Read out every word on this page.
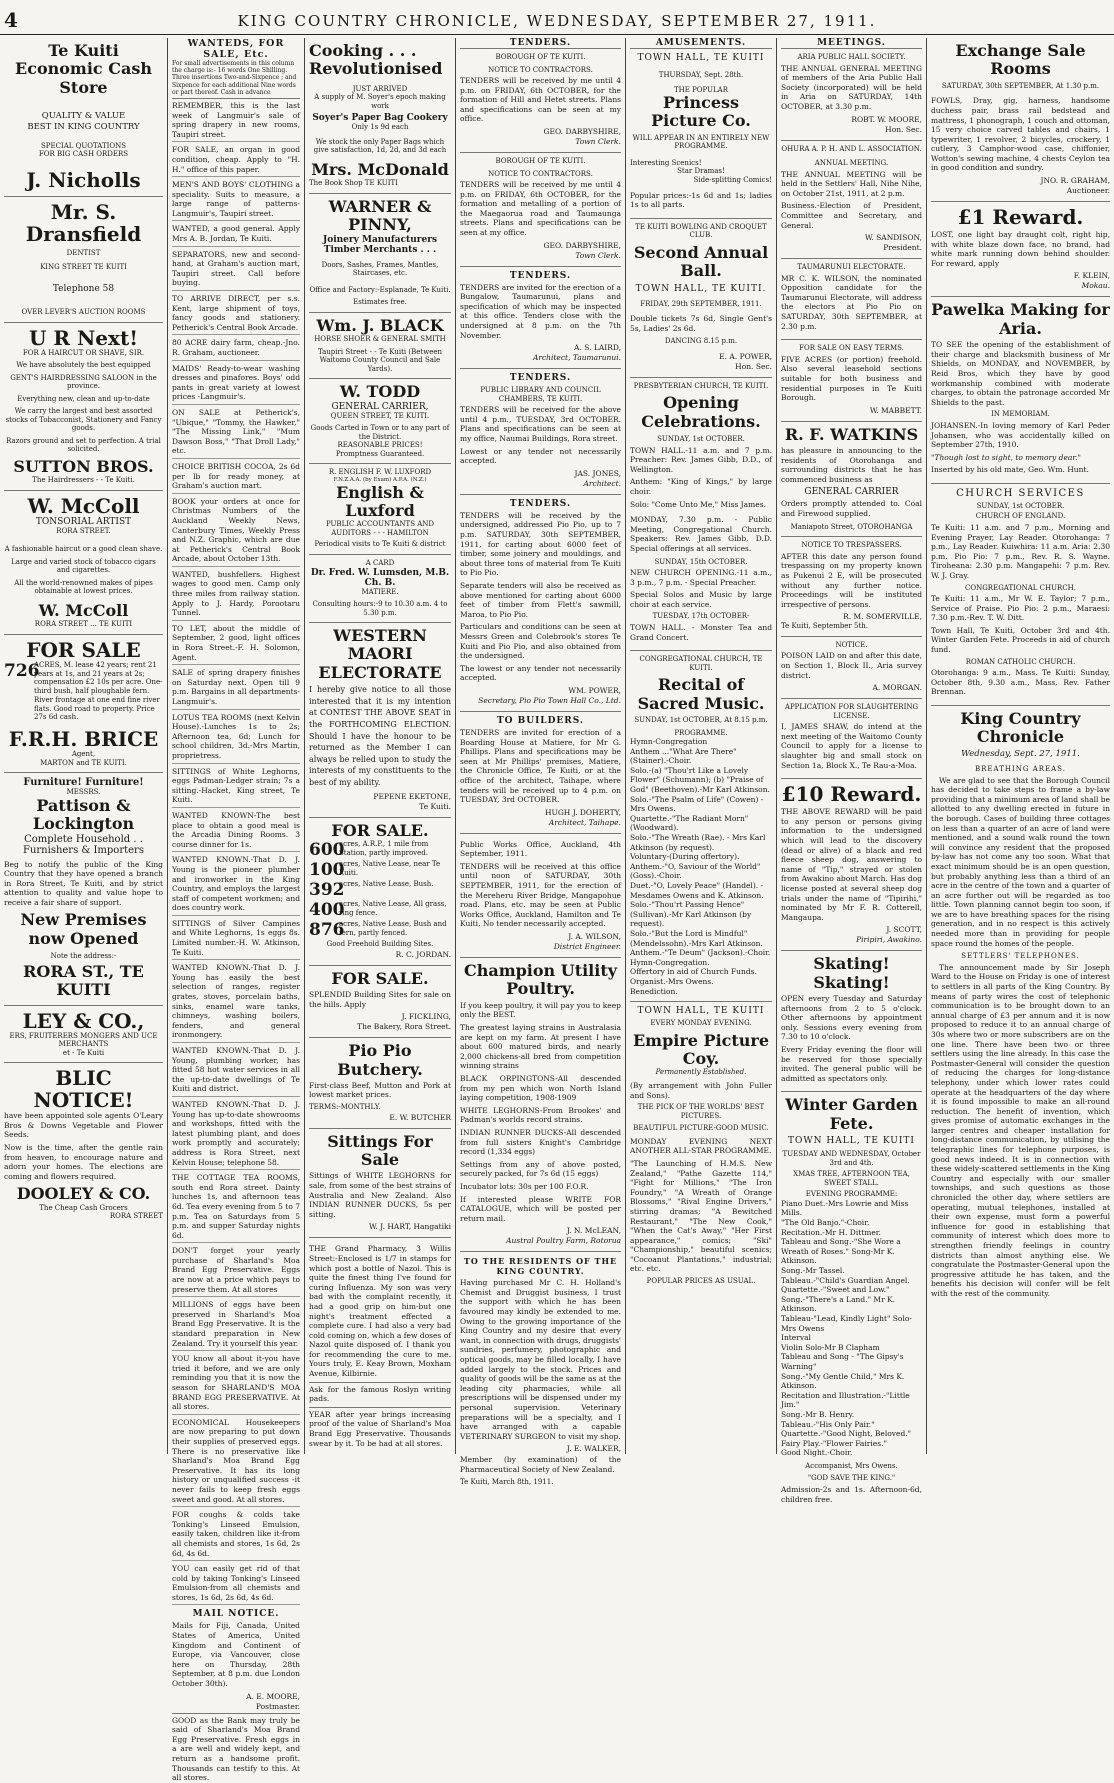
4	KING COUNTRY CHRONICLE, WEDNESDAY, SEPTEMBER 27, 1911.
Te Kuiti
Economic Cash Store
QUALITY & VALUE
BEST IN KING COUNTRY
SPECIAL QUOTATIONS
FOR BIG CASH ORDERS
J. Nicholls
Mr. S. Dransfield
DENTIST
KING STREET TE KUITI
Telephone 58
OVER LEVER'S AUCTION ROOMS
U R Next!
FOR A HAIRCUT OR SHAVE, SIR.
We have absolutely the best equipped
GENT'S HAIRDRESSING SALOON in the province.
Everything new, clean and up-to-date
We carry the largest and best assorted stocks of Tobacconist, Stationery and Fancy goods.
Razors ground and set to perfection. A trial solicited.
SUTTON BROS.
The Hairdressers - - Te Kuiti.
W. McColl
TONSORIAL ARTIST
RORA STREET.
A fashionable haircut or a good clean shave.
Large and varied stock of tobacco cigars and cigarettes.
All the world-renowned makes of pipes obtainable at lowest prices.
W. McColl
RORA STREET ... TE KUITI
FOR SALE
726
ACRES, M. lease 42 years; rent 21 years at 1s, and 21 years at 2s; compensation £2 10s per acre. One-third bush, half ploughable fern. River frontage at one end fine river flats. Good road to property. Price 27s 6d cash.
F.R.H. BRICE
Agent,
MARTON and TE KUITI.
Furniture! Furniture!
MESSRS.
Pattison & Lockington
Complete Household . .
Furnishers & Importers
Beg to notify the public of the King Country that they have opened a branch in Rora Street, Te Kuiti, and by strict attention to quality and value hope to receive a fair share of support.
New Premises now Opened
Note the address:-
RORA ST., TE KUITI
LEY & CO.,
ERS, FRUITERERS MONGERS AND UCE MERCHANTS
et - Te Kuiti
BLIC NOTICE!
have been appointed sole agents O'Leary Bros & Downs Vegetable and Flower Seeds.
Now is the time, after the gentle rain from heaven, to encourage nature and adorn your homes. The elections are coming and flowers required.
DOOLEY & CO.
The Cheap Cash Grocers
RORA STREET
WANTEDS, FOR SALE, Etc.
For small advertisements in this column the charge is:- 16 words One Shilling. Three insertions Two-and-Sixpence ; and Sixpence for each additional Nine words or part thereof. Cash in advance
REMEMBER, this is the last week of Langmuir's sale of spring drapery in new rooms, Taupiri street.
FOR SALE, an organ in good condition, cheap. Apply to "H. H." office of this paper.
MEN'S AND BOYS' CLOTHING a speciality. Suits to measure, a large range of patterns-Langmuir's, Taupiri street.
WANTED, a good general. Apply Mrs A. B. Jordan, Te Kuiti.
SEPARATORS, new and second-hand, at Graham's auction mart, Taupiri street. Call before buying.
TO ARRIVE DIRECT, per s.s. Kent, large shipment of toys, fancy goods and stationery. Petherick's Central Book Arcade.
80 ACRE dairy farm, cheap.-Jno. R. Graham, auctioneer.
MAIDS' Ready-to-wear washing dresses and pinafores. Boys' odd pants in great variety at lowest prices -Langmuir's.
ON SALE at Petherick's, "Ubique," "Tommy, the Hawker," "The Missing Link," "Mum Dawson Boss," "That Droll Lady," etc.
CHOICE BRITISH COCOA, 2s 6d per lb for ready money, at Graham's auction mart.
BOOK your orders at once for Christmas Numbers of the Auckland Weekly News, Canterbury Times, Weekly Press and N.Z. Graphic, which are due at Petherick's Central Book Arcade, about October 13th.
WANTED, bushfellers. Highest wages to good men. Camp only three miles from railway station. Apply to J. Hardy, Porootaru Tunnel.
TO LET, about the middle of September, 2 good, light offices in Rora Street.-F. H. Solomon, Agent.
SALE of spring drapery finishes on Saturday next. Open till 9 p.m. Bargains in all departments-Langmuir's.
LOTUS TEA ROOMS (next Kelvin House).-Lunches 1s to 2s; Afternoon tea, 6d; Lunch for school children, 3d.-Mrs Martin, proprietress.
SITTINGS of White Leghorns, eggs Padman-Ledger strain; 7s a sitting.-Hacket, King street, Te Kuiti.
WANTED KNOWN-The best place to obtain a good meal is the Arcadia Dining Rooms. 3 course dinner for 1s.
WANTED KNOWN.-That D. J. Young is the pioneer plumber and ironworker in the King Country, and employs the largest staff of competent workmen; and does country work.
SITTINGS of Silver Campines and White Leghorns, 1s eggs 8s. Limited number.-H. W. Atkinson, Te Kuiti.
WANTED KNOWN.-That D. J. Young has easily the best selection of ranges, register grates, stoves, porcelain baths, sinks, enamel ware tanks, chimneys, washing boilers, fenders, and general ironmongery.
WANTED KNOWN.-That D. J. Young, plumbing worker, has fitted 58 hot water services in all the up-to-date dwellings of Te Kuiti and district.
WANTED KNOWN.-That D. J. Young has up-to-date showrooms and workshops, fitted with the latest plumbing plant, and does work promptly and accurately; address is Rora Street, next Kelvin House; telephone 58.
THE COTTAGE TEA ROOMS, south end Rora street. Dainty lunches 1s, and afternoon teas 6d. Tea every evening from 5 to 7 p.m. Tea on Saturdays from 5 p.m. and supper Saturday nights 6d.
DON'T forget your yearly purchase of Sharland's Moa Brand Egg Preservative. Eggs are now at a price which pays to preserve them. At all stores
MILLIONS of eggs have been preserved in Sharland's Moa Brand Egg Preservative. It is the standard preparation in New Zealand. Try it yourself this year.
YOU know all about it-you have tried it before, and we are only reminding you that it is now the season for SHARLAND'S MOA BRAND EGG PRESERVATIVE. At all stores.
ECONOMICAL Housekeepers are now preparing to put down their supplies of preserved eggs. There is no preservative like Sharland's Moa Brand Egg Preservative. It has its long history or unqualified success -it never fails to keep fresh eggs sweet and good. At all stores.
FOR coughs & colds take Tonking's Linseed Emulsion, easily taken, children like it-from all chemists and stores, 1s 6d, 2s 6d, 4s 6d.
YOU can easily get rid of that cold by taking Tonking's Linseed Emulsion-from all chemists and stores, 1s 6d, 2s 6d, 4s 6d.
MAIL NOTICE.
Mails for Fiji, Canada, United States of America, United Kingdom and Continent of Europe, via Vancouver, close here on Thursday, 28th September, at 8 p.m. due London October 30th).
A. E. MOORE,
Postmaster.
GOOD as the Bank may truly be said of Sharland's Moa Brand Egg Preservative. Fresh eggs in a are well and widely kept, and return as a handsome profit. Thousands can testify to this. At all stores.
Cooking . . .
Revolutionised
JUST ARRIVED
A supply of M. Soyer's epoch making work
Soyer's Paper Bag Cookery
Only 1s 9d each
We stock the only Paper Bags which give satisfaction, 1d, 2d, and 3d each
Mrs. McDonald
The Book Shop TE KUITI
WARNER & PINNY,
Joinery Manufacturers
Timber Merchants . . .
Doors, Sashes, Frames, Mantles, Staircases, etc.
Office and Factory:-Esplanade, Te Kuiti.
Estimates free.
Wm. J. BLACK
HORSE SHOER & GENERAL SMITH
Taupiri Street - - Te Kuiti (Between Waitomo County Council and Sale Yards).
W. TODD
GENERAL CARRIER,
QUEEN STREET, TE KUITI.
Goods Carted in Town or to any part of the District.
REASONABLE PRICES!
Promptness Guaranteed.
R. ENGLISH F. W. LUXFORD
F.N.Z.A.A. (by Exam) A.P.A. (N.Z.)
English & Luxford
PUBLIC ACCOUNTANTS AND AUDITORS - - - HAMILTON
Periodical visits to Te Kuiti & district
A CARD
Dr. Fred. W. Lumsden, M.B. Ch. B.
MATIERE.
Consulting hours:-9 to 10.30 a.m. 4 to 5.30 p.m.
WESTERN MAORI ELECTORATE
I hereby give notice to all those interested that it is my intention at CONTEST THE ABOVE SEAT in the FORTHCOMING ELECTION. Should I have the honour to be returned as the Member I can always be relied upon to study the interests of my constituents to the best of my ability.
PEPENE EKETONE,
Te Kuiti.
FOR SALE.
600
acres, A.R.P., 1 mile from Station, partly improved.
100
acres, Native Lease, near Te Kuiti.
392
acres, Native Lease, Bush.
400
acres, Native Lease, All grass, ring fence.
876
acres, Native Lease, Bush and fern, partly fenced.
Good Freehold Building Sites.
R. C. JORDAN.
FOR SALE.
SPLENDID Building Sites for sale on the hills. Apply
J. FICKLING,
The Bakery, Rora Street.
Pio Pio Butchery.
First-class Beef, Mutton and Pork at lowest market prices.
TERMS:-MONTHLY.
E. W. BUTCHER
Sittings For Sale
Sittings of WHITE LEGHORNS for sale, from some of the best strains of Australia and New Zealand. Also INDIAN RUNNER DUCKS, 5s per sitting.
W. J. HART, Hangatiki
THE Grand Pharmacy, 3 Willis Street:-Enclosed is 1/7 in stamps for which post a bottle of Nazol. This is quite the finest thing I've found for curing Influenza. My son was very bad with the complaint recently, it had a good grip on him-but one night's treatment effected a complete cure. I had also a very bad cold coming on, which a few doses of Nazol quite disposed of. I thank you for recommending the cure to me. Yours truly, E. Keay Brown, Moxham Avenue, Kilbirnie.
Ask for the famous Roslyn writing pads.
YEAR after year brings increasing proof of the value of Sharland's Moa Brand Egg Preservative. Thousands swear by it. To be had at all stores.
TENDERS.
BOROUGH OF TE KUITI.
NOTICE TO CONTRACTORS.
TENDERS will be received by me until 4 p.m. on FRIDAY, 6th OCTOBER, for the formation of Hill and Hetet streets. Plans and specifications can be seen at my office.
GEO. DARBYSHIRE,
Town Clerk.
BOROUGH OF TE KUITI.
NOTICE TO CONTRACTORS.
TENDERS will be received by me until 4 p.m. on FRIDAY, 6th OCTOBER, for the formation and metalling of a portion of the Maegaorua road and Taumaunga streets. Plans and specifications can be seen at my office.
GEO. DARBYSHIRE,
Town Clerk.
TENDERS.
TENDERS are invited for the erection of a Bungalow, Taumarunui, plans and specification of which may be inspected at this office. Tenders close with the undersigned at 8 p.m. on the 7th November.
A. S. LAIRD,
Architect, Taumarunui.
TENDERS.
PUBLIC LIBRARY AND COUNCIL CHAMBERS, TE KUITI.
TENDERS will be received for the above until 4 p.m., TUESDAY, 3rd OCTOBER. Plans and specifications can be seen at my office, Naumai Buildings, Rora street.
Lowest or any tender not necessarily accepted.
JAS. JONES,
Architect.
TENDERS.
TENDERS will be received by the undersigned, addressed Pio Pio, up to 7 p.m. SATURDAY, 30th SEPTEMBER, 1911, for carting about 6000 feet of timber, some joinery and mouldings, and about three tons of material from Te Kuiti to Pio Pio.
Separate tenders will also be received as above mentioned for carting about 6000 feet of timber from Flett's sawmill, Maroa, to Pio Pio.
Particulars and conditions can be seen at Messrs Green and Colebrook's stores Te Kuiti and Pio Pio, and also obtained from the undersigned.
The lowest or any tender not necessarily accepted.
WM. POWER,
Secretary, Pio Pio Town Hall Co., Ltd.
TO BUILDERS.
TENDERS are invited for erection of a Boarding House at Matiere, for Mr G. Phillips. Plans and specifications may be seen at Mr Phillips' premises, Matiere, the Chronicle Office, Te Kuiti, or at the office of the architect, Taihape, where tenders will be received up to 4 p.m. on TUESDAY, 3rd OCTOBER.
HUGH J. DOHERTY,
Architect, Taihape.
Public Works Office, Auckland, 4th September, 1911.
TENDERS will be received at this office until noon of SATURDAY, 30th SEPTEMBER, 1911, for the erection of the Mereheru River Bridge, Mangapohue road. Plans, etc. may be seen at Public Works Office, Auckland, Hamilton and Te Kuiti. No tender necessarily accepted.
J. A. WILSON,
District Engineer.
Champion Utility Poultry.
If you keep poultry, it will pay you to keep only the BEST.
The greatest laying strains in Australasia are kept on my farm. At present I have about 600 matured birds, and nearly 2,000 chickens-all bred from competition winning strains
BLACK ORPINGTONS-All descended from my pen which won North Island laying competition, 1908-1909
WHITE LEGHORNS-From Brookes' and Padman's worlds record strains.
INDIAN RUNNER DUCKS-All descended from full sisters Knight's Cambridge record (1,334 eggs)
Settings from any of above posted, securely packed, for 7s 6d (15 eggs)
Incubator lots: 30s per 100 F.O.R.
If interested please WRITE FOR CATALOGUE, which will be posted per return mail.
J. N. McLEAN,
Austral Poultry Farm, Rotorua
TO THE RESIDENTS OF THE KING COUNTRY.
Having purchased Mr C. H. Holland's Chemist and Druggist business, I trust the support with which he has been favoured may kindly be extended to me. Owing to the growing importance of the King Country and my desire that every want, in connection with drugs, druggists' sundries, perfumery, photographic and optical goods, may be filled locally, I have added largely to the stock. Prices and quality of goods will be the same as at the leading city pharmacies, while all prescriptions will be dispensed under my personal supervision. Veterinary preparations will be a specialty, and I have arranged with a capable VETERINARY SURGEON to visit my shop.
J. E. WALKER,
Member (by examination) of the Pharmaceutical Society of New Zealand.
Te Kuiti, March 8th, 1911.
AMUSEMENTS.
TOWN HALL, TE KUITI
THURSDAY, Sept. 28th.
THE POPULAR
Princess Picture Co.
WILL APPEAR IN AN ENTIRELY NEW PROGRAMME.
Interesting Scenics!
Star Dramas!
Side-splitting Comics!
Popular prices:-1s 6d and 1s; ladies 1s to all parts.
TE KUITI BOWLING AND CROQUET CLUB.
Second Annual Ball.
TOWN HALL, TE KUITI.
FRIDAY, 29th SEPTEMBER, 1911.
Double tickets 7s 6d, Single Gent's 5s, Ladies' 2s 6d.
DANCING 8.15 p.m.
E. A. POWER,
Hon. Sec.
PRESBYTERIAN CHURCH, TE KUITI.
Opening Celebrations.
SUNDAY, 1st OCTOBER.
TOWN HALL.-11 a.m. and 7 p.m. Preacher: Rev. James Gibb, D.D., of Wellington.
Anthem: "King of Kings," by large choir.
Solo: "Come Unto Me," Miss James.
MONDAY, 7.30 p.m. - Public Meeting, Congregational Church. Speakers: Rev. James Gibb, D.D. Special offerings at all services.
SUNDAY, 15th OCTOBER.
NEW CHURCH OPENING.-11 a.m., 3 p.m., 7 p.m. - Special Preacher.
Special Solos and Music by large choir at each service.
TUESDAY, 17th OCTOBER-
TOWN HALL. - Monster Tea and Grand Concert.
CONGREGATIONAL CHURCH, TE KUITI.
Recital of Sacred Music.
SUNDAY, 1st OCTOBER, At 8.15 p.m.
PROGRAMME.
Hymn-Congregation
Anthem ..."What Are There" (Stainer).-Choir.
Solo.-(a) "Thou'rt Like a Lovely Flower" (Schumann); (b) "Praise of God" (Beethoven).-Mr Karl Atkinson.
Solo.-"The Psalm of Life" (Cowen) -Mrs Owens.
Quartette.-"The Radiant Morn" (Woodward).
Solo.-"The Wreath (Rae). - Mrs Karl Atkinson (by request).
Voluntary-(During offertory).
Anthem.-"O, Saviour of the World" (Goss).-Choir.
Duet.-"O, Lovely Peace" (Handel). -Mesdames Owens and K. Atkinson.
Solo.-"Thou'rt Passing Hence" (Sullivan).-Mr Karl Atkinson (by request).
Solo.-"But the Lord is Mindful" (Mendelssohn).-Mrs Karl Atkinson.
Anthem.-"Te Deum" (Jackson).-Choir.
Hymn-Congregation.
Offertory in aid of Church Funds.
Organist.-Mrs Owens.
Benediction.
TOWN HALL, TE KUITI
EVERY MONDAY EVENING.
Empire Picture Coy.
Permanently Established.
(By arrangement with John Fuller and Sons).
THE PICK OF THE WORLDS' BEST PICTURES.
BEAUTIFUL PICTURE-GOOD MUSIC.
MONDAY EVENING NEXT ANOTHER ALL-STAR PROGRAMME.
"The Launching of H.M.S. New Zealand," "Pathe Gazette 114," "Fight for Millions," "The Iron Foundry," "A Wreath of Orange Blossoms," "Rival Engine Drivers," stirring dramas; "A Bewitched Restaurant," "The New Cook," "When the Cat's Away," "Her First appearance," comics; "Ski" "Championship," beautiful scenics; "Cocoanut Plantations," industrial; etc. etc.
POPULAR PRICES AS USUAL.
MEETINGS.
ARIA PUBLIC HALL SOCIETY.
THE ANNUAL GENERAL MEETING of members of the Aria Public Hall Society (incorporated) will be held in Aria on SATURDAY, 14th OCTOBER, at 3.30 p.m.
ROBT. W. MOORE,
Hon. Sec.
OHURA A. P. H. AND L. ASSOCIATION.
ANNUAL MEETING.
THE ANNUAL MEETING will be held in the Settlers' Hall, Nihe Nihe, on October 21st, 1911, at 2 p.m.
Business.-Election of President, Committee and Secretary, and General.
W. SANDISON,
President.
TAUMARUNUI ELECTORATE.
MR C. K. WILSON, the nominated Opposition candidate for the Taumarunui Electorate, will address the electors at Pio Pio on SATURDAY, 30th SEPTEMBER, at 2.30 p.m.
FOR SALE ON EASY TERMS.
FIVE ACRES (or portion) freehold. Also several leasehold sections suitable for both business and residential purposes in Te Kuiti Borough.
W. MABBETT.
R. F. WATKINS
has pleasure in announcing to the residents of Otorohanga and surrounding districts that he has commenced business as
GENERAL CARRIER
Orders promptly attended to. Coal and Firewood supplied.
Maniapoto Street, OTOROHANGA
NOTICE TO TRESPASSERS.
AFTER this date any person found trespassing on my property known as Pukenui 2 E, will be prosecuted without any further notice. Proceedings will be instituted irrespective of persons.
R. M. SOMERVILLE,
Te Kuiti, September 5th.
NOTICE.
POISON LAID on and after this date, on Section 1, Block II., Aria survey district.
A. MORGAN.
APPLICATION FOR SLAUGHTERING LICENSE.
I, JAMES SHAW, do intend at the next meeting of the Waitomo County Council to apply for a license to slaughter big and small stock on Section 1a, Block X., Te Rau-a-Moa.
£10 Reward.
THE ABOVE REWARD will be paid to any person or persons giving information to the undersigned which will lead to the discovery (dead or alive) of a black and red fleece sheep dog, answering to name of "Tip," strayed or stolen from Awakino about March. Has dog license posted at several sheep dog trials under the name of "Tipirihi," nominated by Mr F. R. Cotterell, Mangaupa.
J. SCOTT,
Piripiri, Awakino.
Skating! Skating!
OPEN every Tuesday and Saturday afternoons from 2 to 5 o'clock. Other afternoons by appointment only. Sessions every evening from 7.30 to 10 o'clock.
Every Friday evening the floor will be reserved for those specially invited. The general public will be admitted as spectators only.
Winter Garden Fete.
TOWN HALL, TE KUITI
TUESDAY AND WEDNESDAY, October 3rd and 4th.
XMAS TREE, AFTERNOON TEA, SWEET STALL.
EVENING PROGRAMME:
Piano Duet.-Mrs Lowrie and Miss Mills.
"The Old Banjo."-Choir.
Recitation.-Mr H. Dittmer.
Tableau and Song.-"She Wore a Wreath of Roses." Song-Mr K. Atkinson.
Song.-Mr Tassel.
Tableau.-"Child's Guardian Angel.
Quartette.-"Sweet and Low."
Song.-"There's a Land." Mr K. Atkinson.
Tableau-"Lead, Kindly Light" Solo-Mrs Owens
Interval
Violin Solo-Mr B Clapham
Tableau and Song - "The Gipsy's Warning"
Song.-"My Gentle Child," Mrs K. Atkinson.
Recitation and Illustration.-"Little Jim."
Song.-Mr B. Henry.
Tableau.-"His Only Pair."
Quartette.-"Good Night, Beloved."
Fairy Play.-"Flower Fairies."
Good Night.-Choir.
Accompanist, Mrs Owens.
"GOD SAVE THE KING."
Admission-2s and 1s. Afternoon-6d, children free.
Exchange Sale Rooms
SATURDAY, 30th SEPTEMBER, At 1.30 p.m.
FOWLS, Dray, gig, harness, handsome duchess pair, brass rail bedstead and mattress, 1 phonograph, 1 couch and ottoman, 15 very choice carved tables and chairs, 1 typewriter, 1 revolver, 2 bicycles, crockery, 1 cutlery, 3 Camphor-wood case, chiffonier, Wotton's sewing machine, 4 chests Ceylon tea in good condition and sundry.
JNO. R. GRAHAM,
Auctioneer.
£1 Reward.
LOST, one light bay draught colt, right hip, with white blaze down face, no brand, had white mark running down behind shoulder. For reward, apply
F. KLEIN,
Mokau.
Pawelka Making for Aria.
TO SEE the opening of the establishment of their charge and blacksmith business of Mr Shields, on MONDAY, and NOVEMBER, by Reid Bros, which they have by good workmanship combined with moderate charges, to obtain the patronage accorded Mr Shields to the past.
IN MEMORIAM.
JOHANSEN.-In loving memory of Karl Peder Johansen, who was accidentally killed on September 27th, 1910.
"Though lost to sight, to memory dear."
Inserted by his old mate, Geo. Wm. Hunt.
CHURCH SERVICES
SUNDAY, 1st OCTOBER.
CHURCH OF ENGLAND.
Te Kuiti: 11 a.m. and 7 p.m., Morning and Evening Prayer, Lay Reader. Otorohanga: 7 p.m., Lay Reader. Kuiwhira: 11 a.m. Aria: 2.30 p.m. Pio Pio: 7 p.m., Rev. R. S. Wayne. Tiroheana: 2.30 p.m. Mangapehi: 7 p.m. Rev. W. J. Gray.
CONGREGATIONAL CHURCH.
Te Kuiti: 11 a.m., Mr W. E. Taylor; 7 p.m., Service of Praise. Pio Pio: 2 p.m., Maraesi: 7.30 p.m.-Rev. T. W. Ditt.
Town Hall, Te Kuiti, October 3rd and 4th. Winter Garden Fete. Proceeds in aid of church fund.
ROMAN CATHOLIC CHURCH.
Otorohanga: 9 a.m., Mass. Te Kuiti: Sunday, October 8th, 9.30 a.m., Mass, Rev. Father Brennan.
King Country Chronicle
Wednesday, Sept. 27, 1911.
BREATHING AREAS.
We are glad to see that the Borough Council has decided to take steps to frame a by-law providing that a minimum area of land shall be allotted to any dwelling erected in future in the borough. Cases of building three cottages on less than a quarter of an acre of land were mentioned, and a sound walk round the town will convince any resident that the proposed by-law has not come any too soon. What that exact minimum should be is an open question, but probably anything less than a third of an acre in the centre of the town and a quarter of an acre further out will be regarded as too little. Town planning cannot begin too soon, if we are to have breathing spaces for the rising generation, and in no respect is this actively needed more than in providing for people space round the homes of the people.
SETTLERS' TELEPHONES.
The announcement made by Sir Joseph Ward to the House on Friday is one of interest to settlers in all parts of the King Country. By means of party wires the cost of telephonic communication is to be brought down to an annual charge of £3 per annum and it is now proposed to reduce it to an annual charge of 30s where two or more subscribers are on the one line. There have been two or three settlers using the line already. In this case the Postmaster-General will consider the question of reducing the charges for long-distance telephony, under which lower rates could operate at the headquarters of the day where it is found impossible to make an all-round reduction. The benefit of invention, which gives promise of automatic exchanges in the larger centres and cheaper installation for long-distance communication, by utilising the telegraphic lines for telephone purposes, is good news indeed. It is in connection with these widely-scattered settlements in the King Country and especially with our smaller townships, and such questions as those chronicled the other day, where settlers are operating, mutual telephones, installed at their own expense, must form a powerful influence for good in establishing that community of interest which does more to strengthen friendly feelings in country districts than almost anything else. We congratulate the Postmaster-General upon the progressive attitude he has taken, and the benefits his decision will confer will be felt with the rest of the community.
